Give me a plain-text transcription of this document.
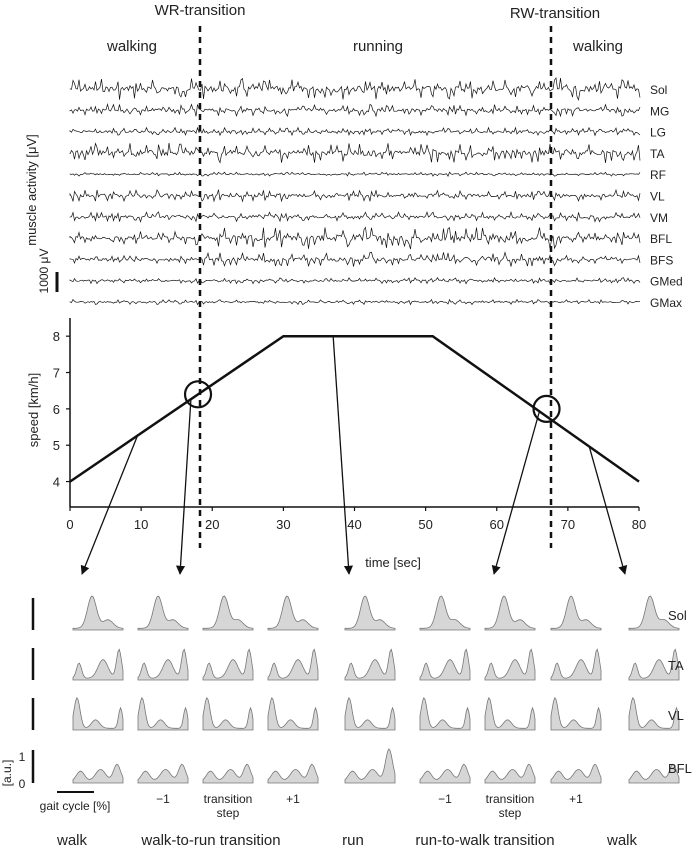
WR-transition	RW-transition
walking	running	walking
muscle activity [μV]
1000 μV
Sol
MG
LG
TA
RF
VL
VM
BFL
BFS
GMed
GMax
0	10	20	30	40	50	60	70	80
4
5
6
7
8
speed [km/h]
time [sec]
Sol
TA
VL
BFL
−1	transition step
+1	−1	transition step
+1
1
0
[a.u.]
gait cycle [%]
walk	walk-to-run transition	run	run-to-walk transition	walk
